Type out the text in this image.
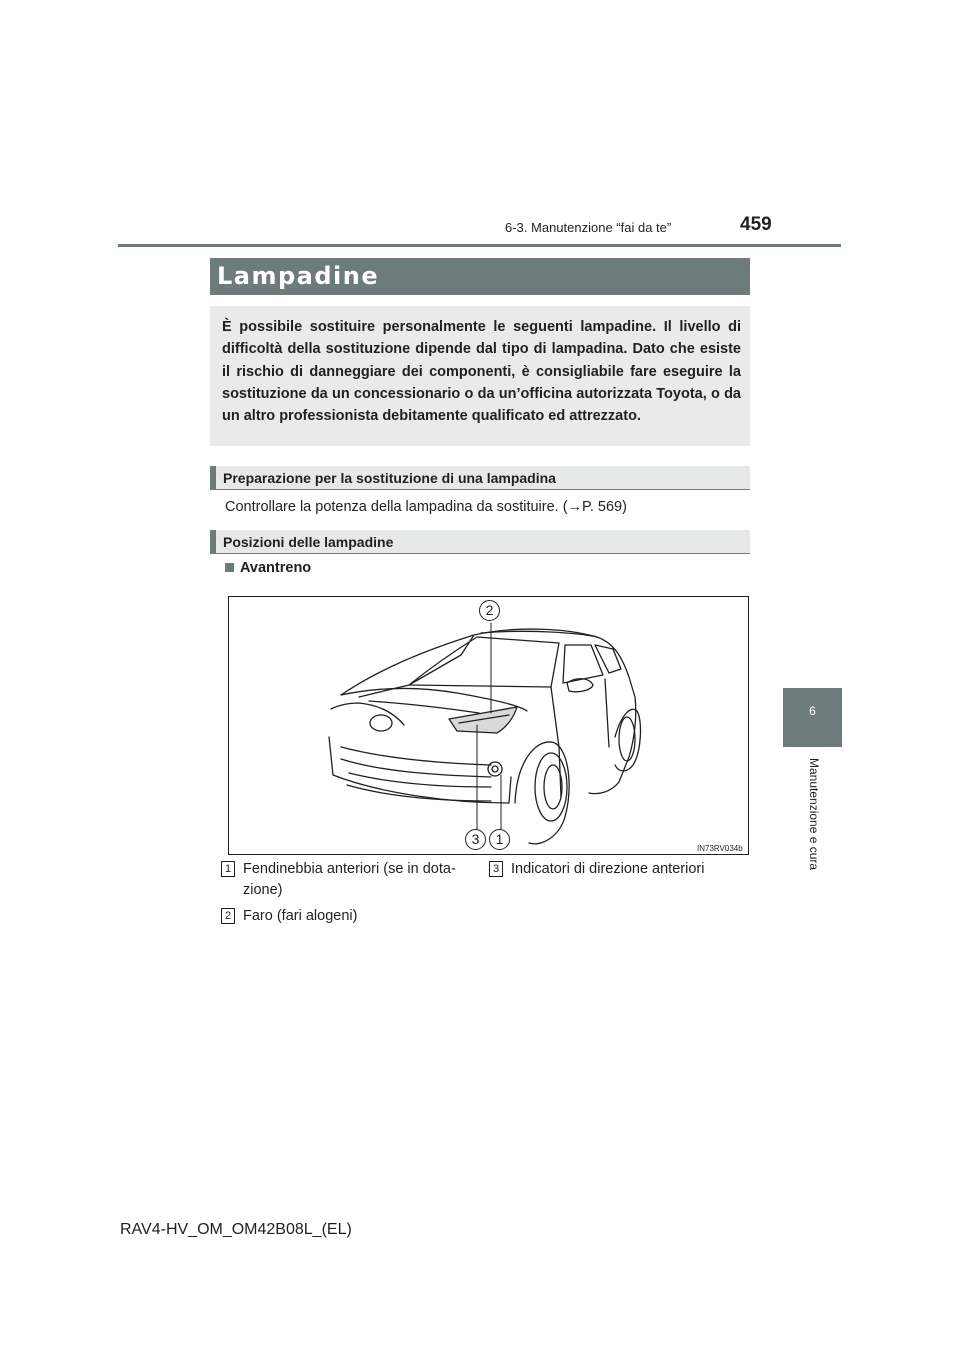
6-3. Manutenzione “fai da te”	459
6
Manutenzione e cura
Lampadine
È possibile sostituire personalmente le seguenti lampadine. Il livello di difficoltà della sostituzione dipende dal tipo di lampadina. Dato che esiste il rischio di danneggiare dei componenti, è consigliabile fare eseguire la sostituzione da un concessionario o da un’officina autorizzata Toyota, o da un altro professionista debitamente qualificato ed attrezzato.
Preparazione per la sostituzione di una lampadina
Controllare la potenza della lampadina da sostituire. (→P. 569)
Posizioni delle lampadine
Avantreno
2
3	1
IN73RV034b
1 Fendinebbia anteriori (se in dota-
zione)
2 Faro (fari alogeni)
3 Indicatori di direzione anteriori
RAV4-HV_OM_OM42B08L_(EL)
